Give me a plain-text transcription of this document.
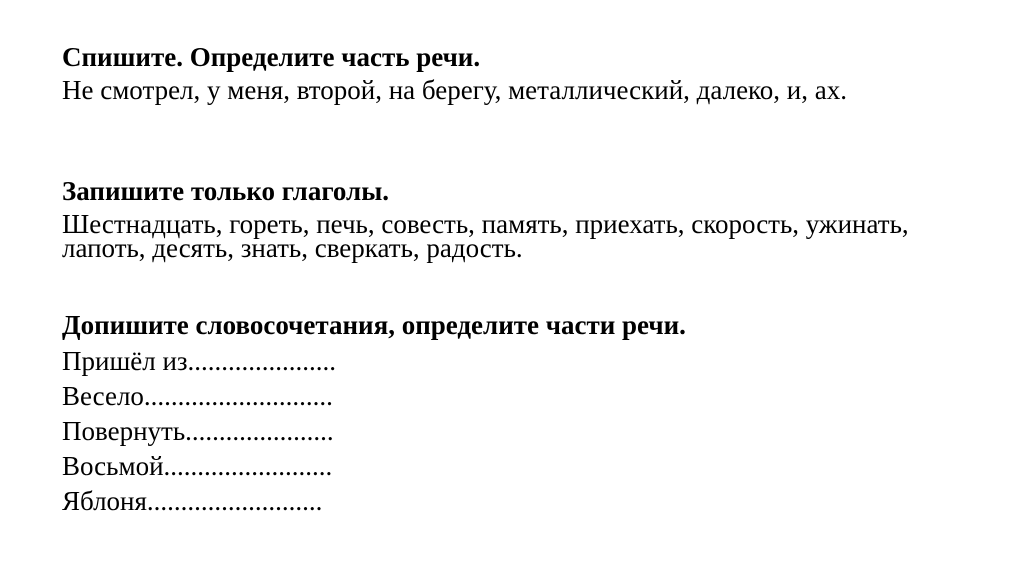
Спишите. Определите часть речи.

Не смотрел, у меня, второй, на берегу, металлический, далеко, и, ах.

Запишите только глаголы.

Шестнадцать, гореть, печь, совесть, память, приехать, скорость, ужинать, лапоть, десять, знать, сверкать, радость.

Допишите словосочетания, определите части речи.

Пришёл из......................

Весело............................

Повернуть......................

Восьмой.........................

Яблоня..........................
